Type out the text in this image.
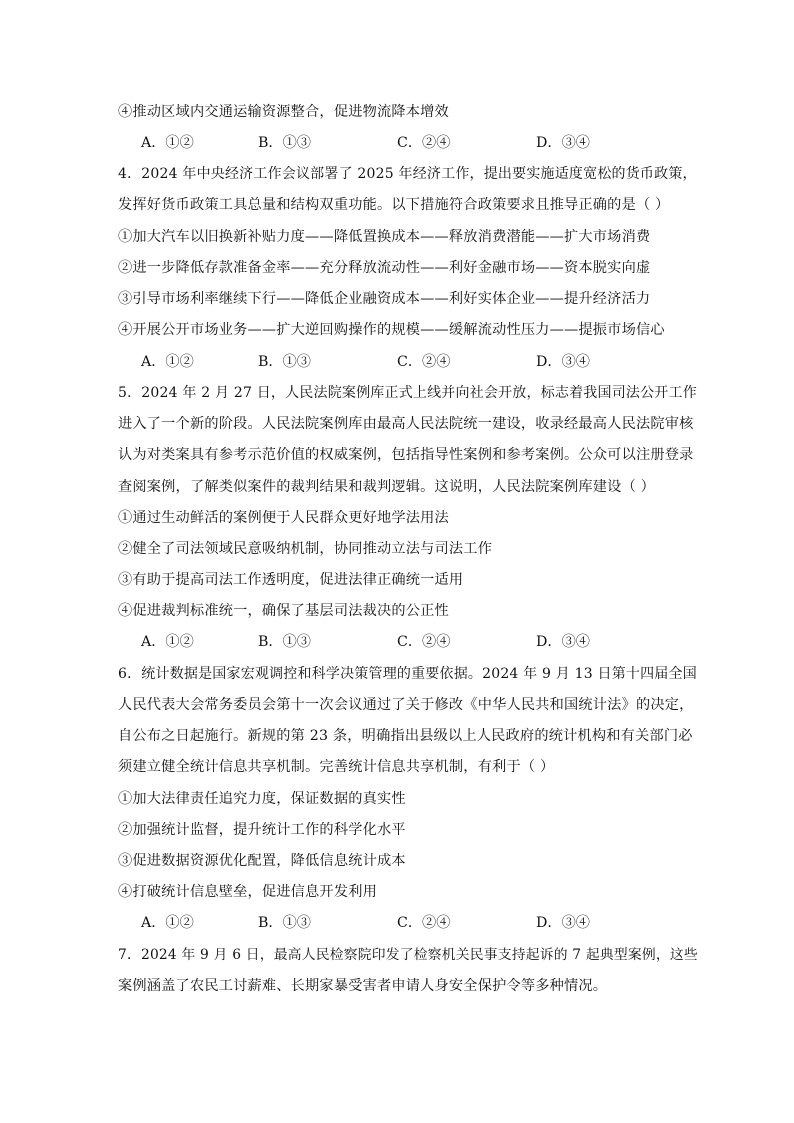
④推动区域内交通运输资源整合，促进物流降本增效
A．①②	B．①③	C．②④	D．③④
4．2024 年中央经济工作会议部署了 2025 年经济工作，提出要实施适度宽松的货币政策，
发挥好货币政策工具总量和结构双重功能。以下措施符合政策要求且推导正确的是（ ）
①加大汽车以旧换新补贴力度——降低置换成本——释放消费潜能——扩大市场消费
②进一步降低存款准备金率——充分释放流动性——利好金融市场——资本脱实向虚
③引导市场利率继续下行——降低企业融资成本——利好实体企业——提升经济活力
④开展公开市场业务——扩大逆回购操作的规模——缓解流动性压力——提振市场信心
A．①②	B．①③	C．②④	D．③④
5．2024 年 2 月 27 日，人民法院案例库正式上线并向社会开放，标志着我国司法公开工作
进入了一个新的阶段。人民法院案例库由最高人民法院统一建设，收录经最高人民法院审核
认为对类案具有参考示范价值的权威案例，包括指导性案例和参考案例。公众可以注册登录
查阅案例，了解类似案件的裁判结果和裁判逻辑。这说明，人民法院案例库建设（ ）
①通过生动鲜活的案例便于人民群众更好地学法用法
②健全了司法领域民意吸纳机制，协同推动立法与司法工作
③有助于提高司法工作透明度，促进法律正确统一适用
④促进裁判标准统一，确保了基层司法裁决的公正性
A．①②	B．①③	C．②④	D．③④
6．统计数据是国家宏观调控和科学决策管理的重要依据。2024 年 9 月 13 日第十四届全国
人民代表大会常务委员会第十一次会议通过了关于修改《中华人民共和国统计法》的决定，
自公布之日起施行。新规的第 23 条，明确指出县级以上人民政府的统计机构和有关部门必
须建立健全统计信息共享机制。完善统计信息共享机制，有利于（ ）
①加大法律责任追究力度，保证数据的真实性
②加强统计监督，提升统计工作的科学化水平
③促进数据资源优化配置，降低信息统计成本
④打破统计信息壁垒，促进信息开发利用
A．①②	B．①③	C．②④	D．③④
7．2024 年 9 月 6 日，最高人民检察院印发了检察机关民事支持起诉的 7 起典型案例，这些
案例涵盖了农民工讨薪难、长期家暴受害者申请人身安全保护令等多种情况。
